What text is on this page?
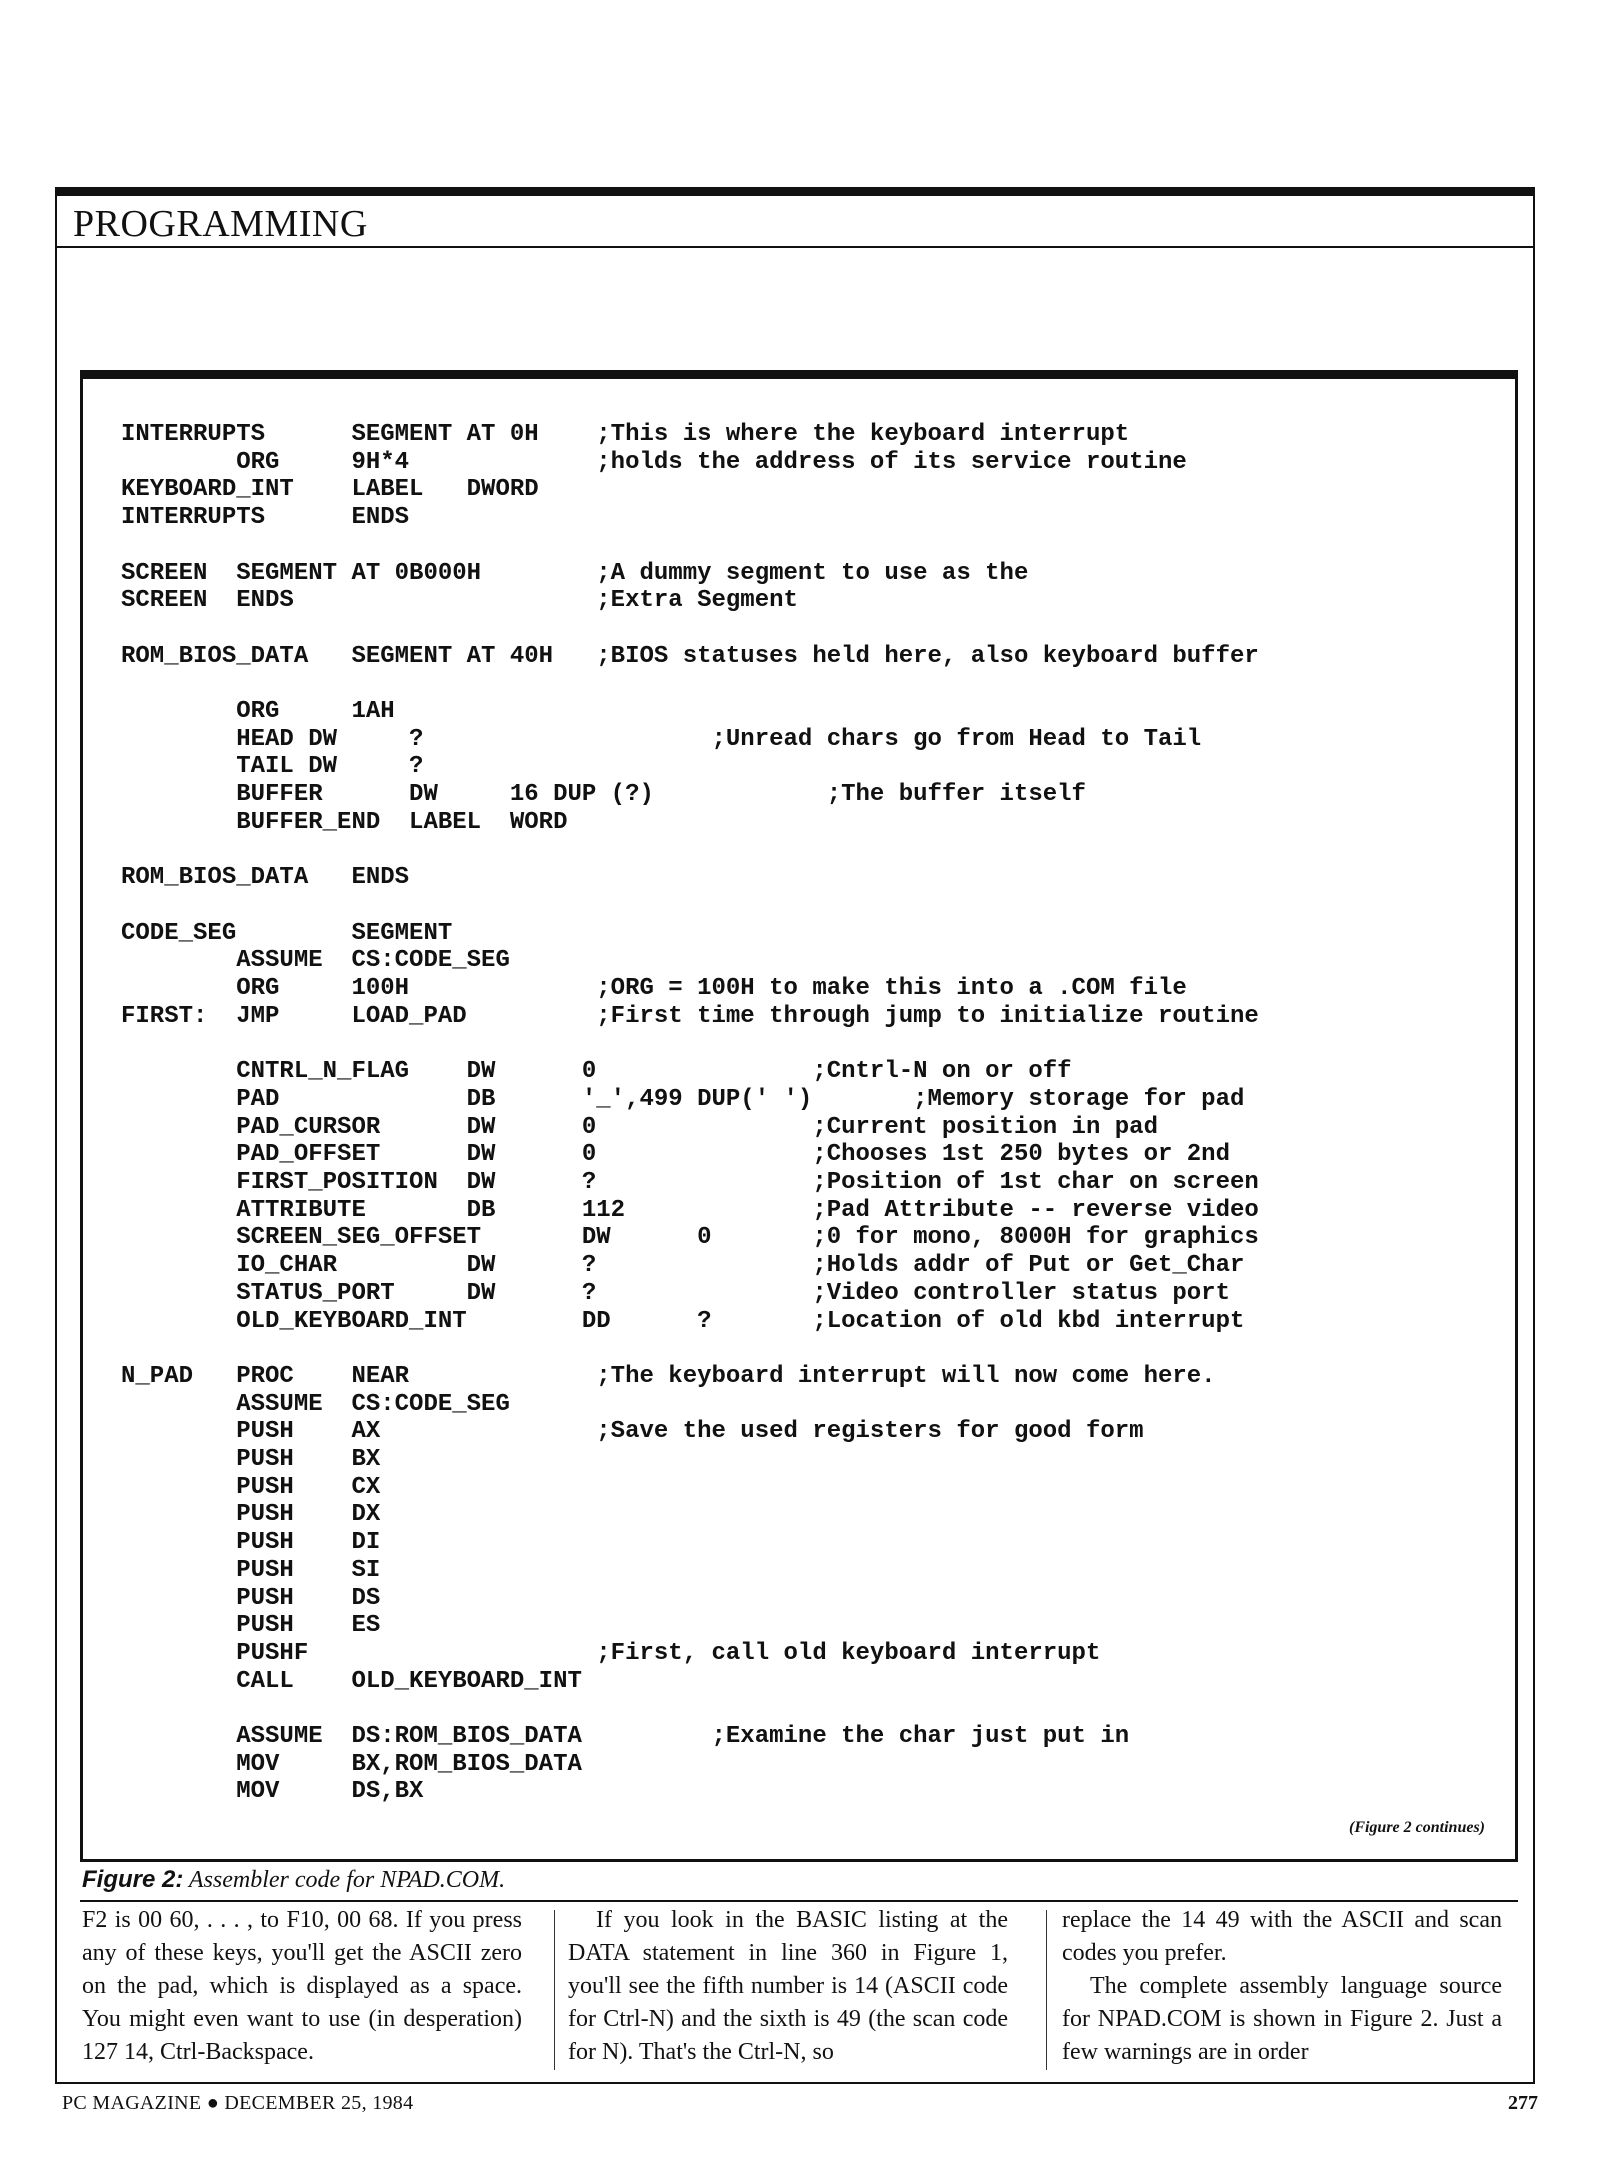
PROGRAMMING
INTERRUPTS      SEGMENT AT 0H    ;This is where the keyboard interrupt
ORG     9H*4             ;holds the address of its service routine
KEYBOARD_INT    LABEL   DWORD
INTERRUPTS      ENDS

SCREEN  SEGMENT AT 0B000H        ;A dummy segment to use as the
SCREEN  ENDS                     ;Extra Segment

ROM_BIOS_DATA   SEGMENT AT 40H   ;BIOS statuses held here, also keyboard buffer

ORG     1AH
HEAD DW     ?                    ;Unread chars go from Head to Tail
TAIL DW     ?
BUFFER      DW     16 DUP (?)            ;The buffer itself
BUFFER_END  LABEL  WORD

ROM_BIOS_DATA   ENDS

CODE_SEG        SEGMENT
ASSUME  CS:CODE_SEG
ORG     100H             ;ORG = 100H to make this into a .COM file
FIRST:  JMP     LOAD_PAD         ;First time through jump to initialize routine

CNTRL_N_FLAG    DW      0               ;Cntrl-N on or off
PAD             DB      '_',499 DUP(' ')       ;Memory storage for pad
PAD_CURSOR      DW      0               ;Current position in pad
PAD_OFFSET      DW      0               ;Chooses 1st 250 bytes or 2nd
FIRST_POSITION  DW      ?               ;Position of 1st char on screen
ATTRIBUTE       DB      112             ;Pad Attribute -- reverse video
SCREEN_SEG_OFFSET       DW      0       ;0 for mono, 8000H for graphics
IO_CHAR         DW      ?               ;Holds addr of Put or Get_Char
STATUS_PORT     DW      ?               ;Video controller status port
OLD_KEYBOARD_INT        DD      ?       ;Location of old kbd interrupt

N_PAD   PROC    NEAR             ;The keyboard interrupt will now come here.
ASSUME  CS:CODE_SEG
PUSH    AX               ;Save the used registers for good form
PUSH    BX
PUSH    CX
PUSH    DX
PUSH    DI
PUSH    SI
PUSH    DS
PUSH    ES
PUSHF                    ;First, call old keyboard interrupt
CALL    OLD_KEYBOARD_INT

ASSUME  DS:ROM_BIOS_DATA         ;Examine the char just put in
MOV     BX,ROM_BIOS_DATA
MOV     DS,BX
(Figure 2 continues)
Figure 2: Assembler code for NPAD.COM.

F2 is 00 60, . . . , to F10, 00 68. If you press any of these keys, you'll get the ASCII zero on the pad, which is displayed as a space. You might even want to use (in desperation) 127 14, Ctrl-Backspace.

If you look in the BASIC listing at the DATA statement in line 360 in Figure 1, you'll see the fifth number is 14 (ASCII code for Ctrl-N) and the sixth is 49 (the scan code for N). That's the Ctrl-N, so

replace the 14 49 with the ASCII and scan codes you prefer.

The complete assembly language source for NPAD.COM is shown in Figure 2. Just a few warnings are in order

PC MAGAZINE ● DECEMBER 25, 1984	277
